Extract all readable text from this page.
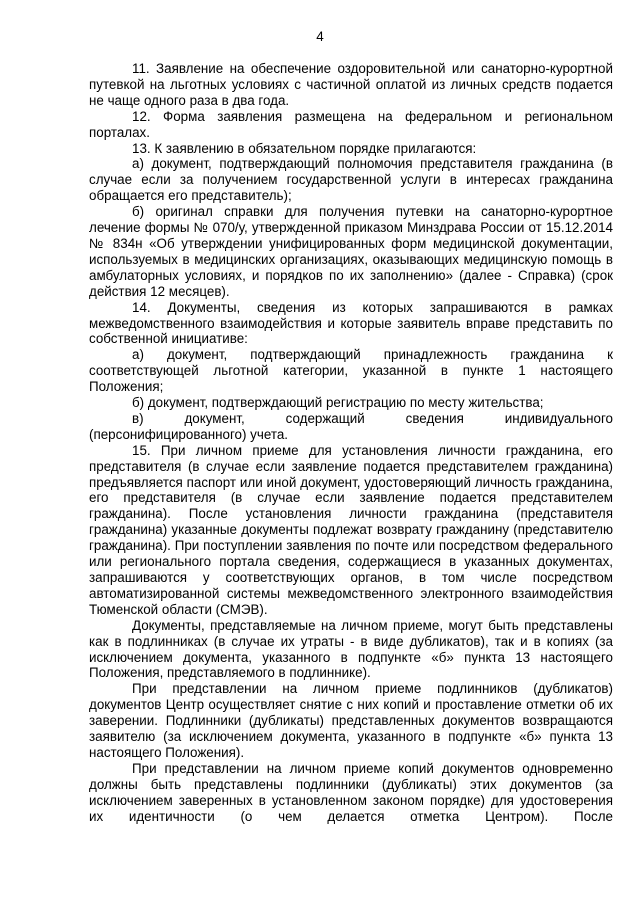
4

11. Заявление на обеспечение оздоровительной или санаторно-курортной путевкой на льготных условиях с частичной оплатой из личных средств подается не чаще одного раза в два года.

12. Форма заявления размещена на федеральном и региональном порталах.

13. К заявлению в обязательном порядке прилагаются:

а) документ, подтверждающий полномочия представителя гражданина (в случае если за получением государственной услуги в интересах гражданина обращается его представитель);

б) оригинал справки для получения путевки на санаторно-курортное лечение формы № 070/у, утвержденной приказом Минздрава России от 15.12.2014 № 834н «Об утверждении унифицированных форм медицинской документации, используемых в медицинских организациях, оказывающих медицинскую помощь в амбулаторных условиях, и порядков по их заполнению» (далее - Справка) (срок действия 12 месяцев).

14. Документы, сведения из которых запрашиваются в рамках межведомственного взаимодействия и которые заявитель вправе представить по собственной инициативе:

а) документ, подтверждающий принадлежность гражданина к соответствующей льготной категории, указанной в пункте 1 настоящего Положения;

б) документ, подтверждающий регистрацию по месту жительства;

в) документ, содержащий сведения индивидуального (персонифицированного) учета.

15. При личном приеме для установления личности гражданина, его представителя (в случае если заявление подается представителем гражданина) предъявляется паспорт или иной документ, удостоверяющий личность гражданина, его представителя (в случае если заявление подается представителем гражданина). После установления личности гражданина (представителя гражданина) указанные документы подлежат возврату гражданину (представителю гражданина). При поступлении заявления по почте или посредством федерального или регионального портала сведения, содержащиеся в указанных документах, запрашиваются у соответствующих органов, в том числе посредством автоматизированной системы межведомственного электронного взаимодействия Тюменской области (СМЭВ).

Документы, представляемые на личном приеме, могут быть представлены как в подлинниках (в случае их утраты - в виде дубликатов), так и в копиях (за исключением документа, указанного в подпункте «б» пункта 13 настоящего Положения, представляемого в подлиннике).

При представлении на личном приеме подлинников (дубликатов) документов Центр осуществляет снятие с них копий и проставление отметки об их заверении. Подлинники (дубликаты) представленных документов возвращаются заявителю (за исключением документа, указанного в подпункте «б» пункта 13 настоящего Положения).

При представлении на личном приеме копий документов одновременно должны быть представлены подлинники (дубликаты) этих документов (за исключением заверенных в установленном законом порядке) для удостоверения их идентичности (о чем делается отметка Центром). После
